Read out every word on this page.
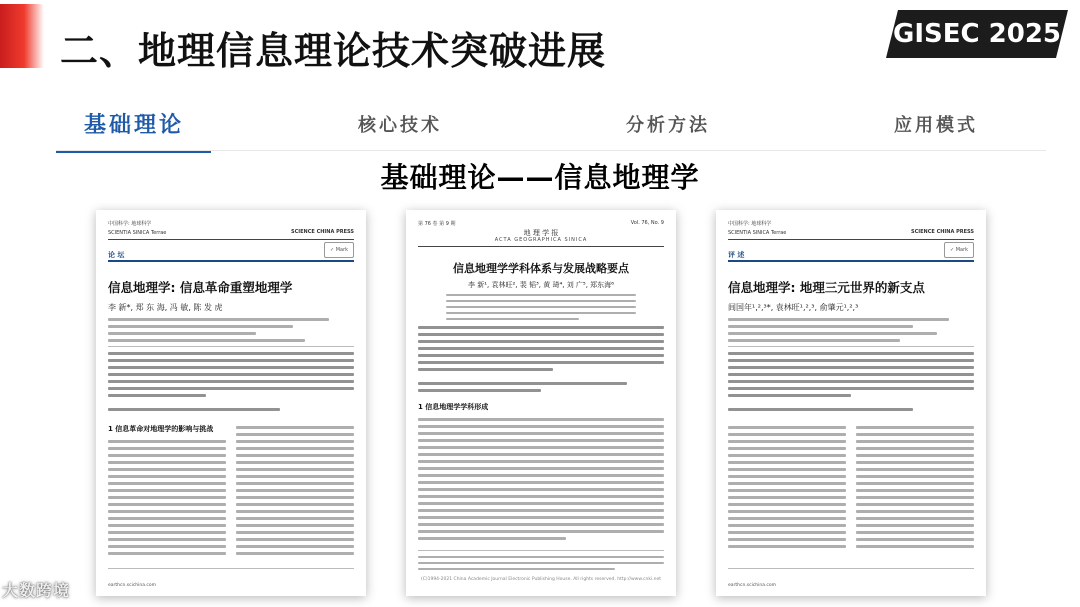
二、地理信息理论技术突破进展	GISEC 2025
基础理论	核心技术	分析方法	应用模式
基础理论——信息地理学
中国科学: 地球科学
SCIENTIA SINICA Terrae	SCIENCE CHINA PRESS
论 坛
✓ Mark
信息地理学: 信息革命重塑地理学
李 新*, 郑 东 海, 冯 敏, 陈 发 虎
1 信息革命对地理学的影响与挑战
earthcn.scichina.com
第 76 卷 第 9 期	Vol. 76, No. 9
地 理 学 报
ACTA GEOGRAPHICA SINICA
信息地理学学科体系与发展战略要点
李 新¹, 袁林旺², 裴 韬³, 黄 琦⁴, 刘 广⁵, 郑东海⁶
1 信息地理学学科形成
(C)1994-2021 China Academic Journal Electronic Publishing House. All rights reserved. http://www.cnki.net
中国科学: 地球科学
SCIENTIA SINICA Terrae	SCIENCE CHINA PRESS
评 述
✓ Mark
信息地理学: 地理三元世界的新支点
闾国年¹,²,³*, 袁林旺¹,²,³, 俞肇元¹,²,³
earthcn.scichina.com
大数跨境
